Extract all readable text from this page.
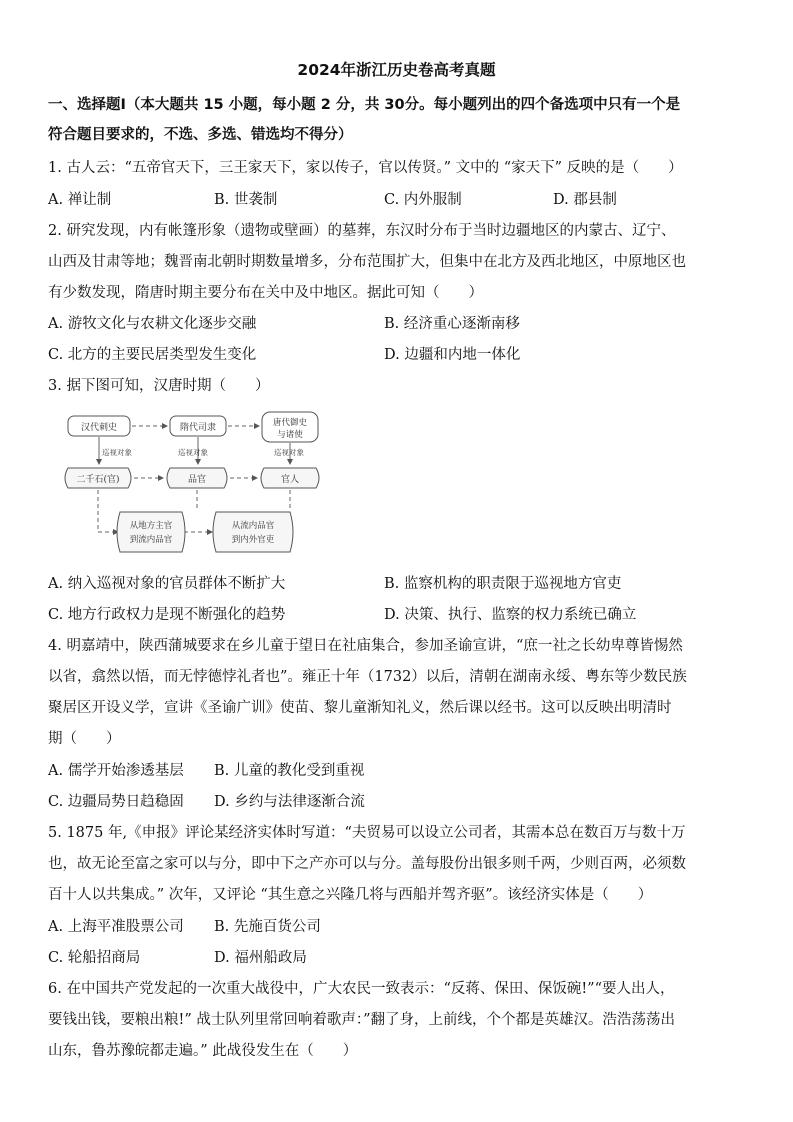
2024年浙江历史卷高考真题
一、选择题Ⅰ（本大题共 15 小题，每小题 2 分，共 30分。每小题列出的四个备选项中只有一个是
符合题目要求的，不选、多选、错选均不得分）
1. 古人云：“五帝官天下，三王家天下，家以传子，官以传贤。” 文中的 “家天下” 反映的是（　　）
A. 禅让制	B. 世袭制	C. 内外服制	D. 郡县制
2. 研究发现，内有帐篷形象（遗物或壁画）的墓葬，东汉时分布于当时边疆地区的内蒙古、辽宁、
山西及甘肃等地；魏晋南北朝时期数量增多，分布范围扩大，但集中在北方及西北地区，中原地区也
有少数发现，隋唐时期主要分布在关中及中地区。据此可知（　　）
A. 游牧文化与农耕文化逐步交融	B. 经济重心逐渐南移
C. 北方的主要民居类型发生变化	D. 边疆和内地一体化
3. 据下图可知，汉唐时期（　　）
汉代刺史	隋代司隶	唐代御史
与诸使
巡视对象	巡视对象	巡视对象
二千石(官)	品官	官人
从地方主官
到流内品官
从流内品官
到内外官吏
A. 纳入巡视对象的官员群体不断扩大	B. 监察机构的职责限于巡视地方官吏
C. 地方行政权力是现不断强化的趋势	D. 决策、执行、监察的权力系统已确立
4. 明嘉靖中，陕西蒲城要求在乡儿童于望日在社庙集合，参加圣谕宣讲，“庶一社之长幼卑尊皆惕然
以省，翕然以悟，而无悖德悖礼者也”。雍正十年（1732）以后，清朝在湖南永绥、粤东等少数民族
聚居区开设义学，宣讲《圣谕广训》使苗、黎儿童渐知礼义，然后课以经书。这可以反映出明清时
期（　　）
A. 儒学开始渗透基层 B. 儿童的教化受到重视
C. 边疆局势日趋稳固 D. 乡约与法律逐渐合流
5. 1875 年,《申报》评论某经济实体时写道：“夫贸易可以设立公司者，其需本总在数百万与数十万
也，故无论至富之家可以与分，即中下之产亦可以与分。盖每股份出银多则千两，少则百两，必须数
百十人以共集成。” 次年，又评论 “其生意之兴隆几将与西船并驾齐驱”。该经济实体是（　　）
A. 上海平准股票公司 B. 先施百货公司
C. 轮船招商局	D. 福州船政局
6. 在中国共产党发起的一次重大战役中，广大农民一致表示：“反蒋、保田、保饭碗!”“要人出人，
要钱出钱，要粮出粮!” 战士队列里常回响着歌声：”翻了身，上前线，个个都是英雄汉。浩浩荡荡出
山东，鲁苏豫皖都走遍。” 此战役发生在（　　）
